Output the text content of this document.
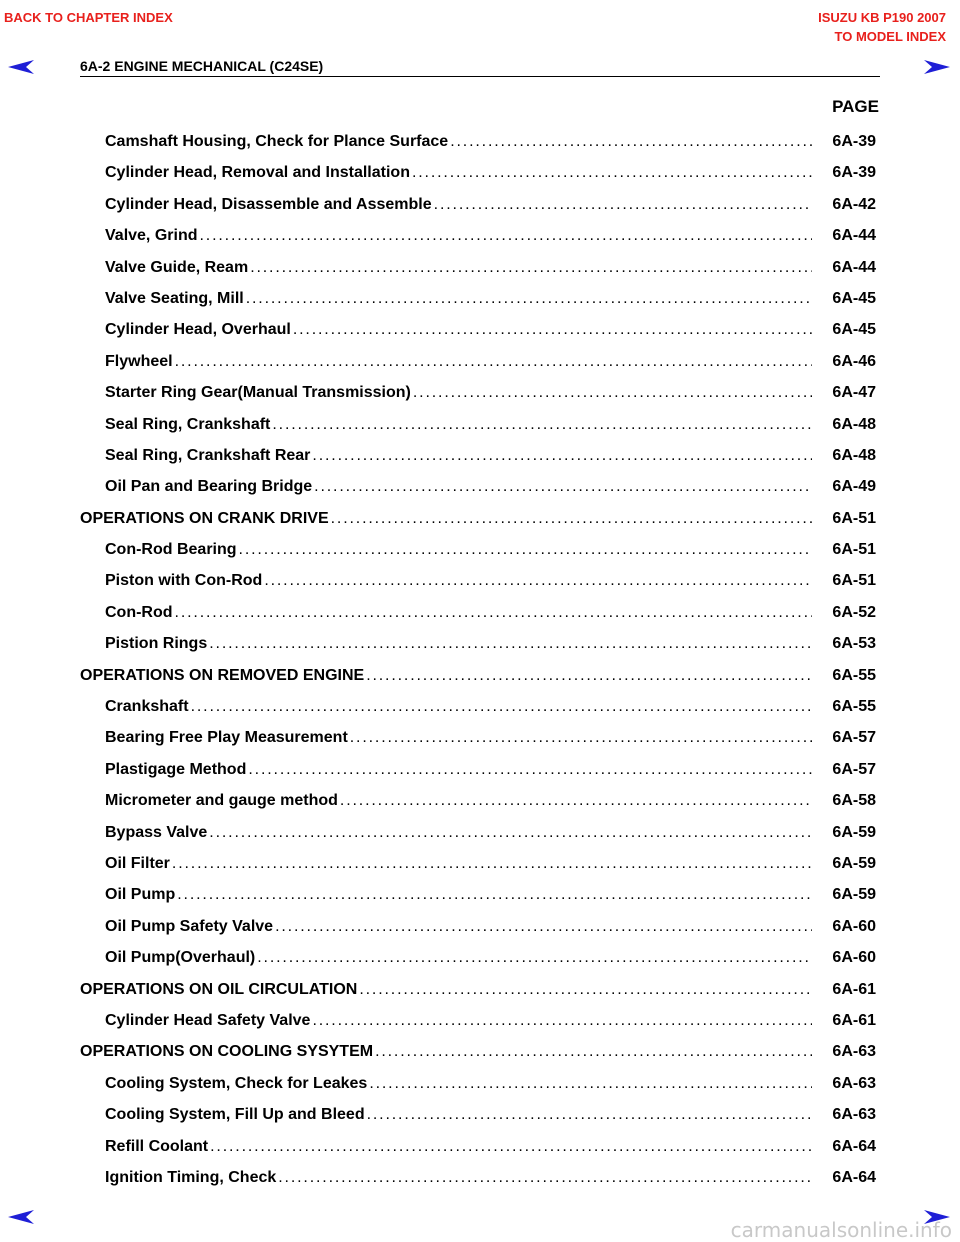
BACK TO CHAPTER INDEX	ISUZU KB P190 2007
TO MODEL INDEX
6A-2 ENGINE MECHANICAL (C24SE)
PAGE
Camshaft Housing, Check for Plance Surface . . .	6A-39
Cylinder Head, Removal and Installation . . .	6A-39
Cylinder Head, Disassemble and Assemble . . .	6A-42
Valve, Grind . . .	6A-44
Valve Guide, Ream . . .	6A-44
Valve Seating, Mill . . .	6A-45
Cylinder Head, Overhaul . . .	6A-45
Flywheel . . .	6A-46
Starter Ring Gear(Manual Transmission) . . .	6A-47
Seal Ring, Crankshaft . . .	6A-48
Seal Ring, Crankshaft Rear . . .	6A-48
Oil Pan and Bearing Bridge . . .	6A-49
OPERATIONS ON CRANK DRIVE . . .	6A-51
Con-Rod Bearing . . .	6A-51
Piston with Con-Rod . . .	6A-51
Con-Rod . . .	6A-52
Pistion Rings . . .	6A-53
OPERATIONS ON REMOVED ENGINE . . .	6A-55
Crankshaft . . .	6A-55
Bearing Free Play Measurement . . .	6A-57
Plastigage Method . . .	6A-57
Micrometer and gauge method . . .	6A-58
Bypass Valve . . .	6A-59
Oil Filter . . .	6A-59
Oil Pump . . .	6A-59
Oil Pump Safety Valve . . .	6A-60
Oil Pump(Overhaul) . . .	6A-60
OPERATIONS ON OIL CIRCULATION . . .	6A-61
Cylinder Head Safety Valve . . .	6A-61
OPERATIONS ON COOLING SYSYTEM . . .	6A-63
Cooling System, Check for Leakes . . .	6A-63
Cooling System, Fill Up and Bleed . . .	6A-63
Refill Coolant . . .	6A-64
Ignition Timing, Check . . .	6A-64
carmanualsonline.info
